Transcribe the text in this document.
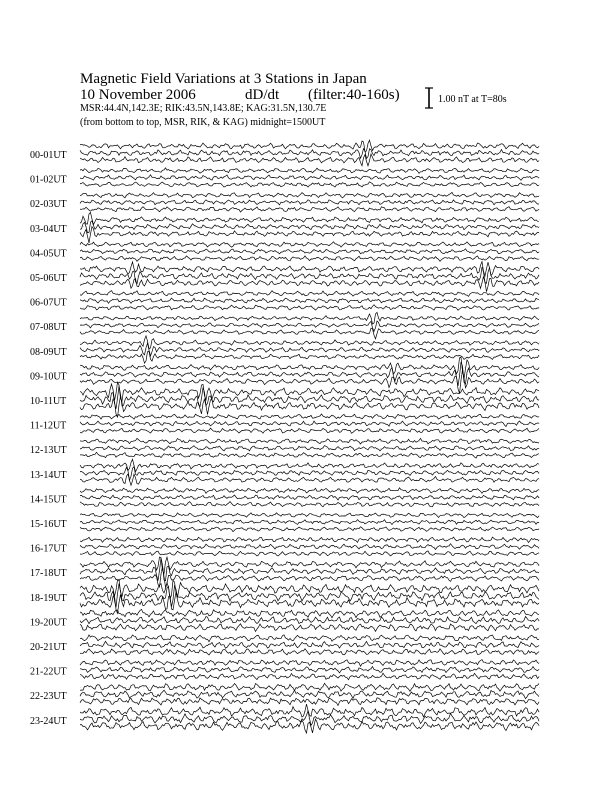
Magnetic Field Variations at 3 Stations in Japan
10 November 2006	dD/dt (filter:40-160s)
MSR:44.4N,142.3E; RIK:43.5N,143.8E; KAG:31.5N,130.7E
(from bottom to top, MSR, RIK, & KAG) midnight=1500UT
1.00 nT at T=80s
00-01UT
01-02UT
02-03UT
03-04UT
04-05UT
05-06UT
06-07UT
07-08UT
08-09UT
09-10UT
10-11UT
11-12UT
12-13UT
13-14UT
14-15UT
15-16UT
16-17UT
17-18UT
18-19UT
19-20UT
20-21UT
21-22UT
22-23UT
23-24UT
